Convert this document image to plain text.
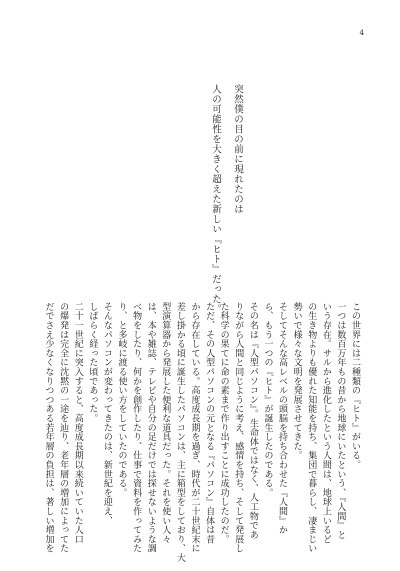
4
突然僕の目の前に現れたのは
人の可能性を大きく超えた新しい『ヒト』だった。
この世界には二種類の『ヒト』がいる。
一つは数百万年もの昔から地球にいたという、『人間』と
いう存在。サルから進化したという人間は、地球上いるど
の生き物よりも優れた知能を持ち、集団で暮らし、凄まじい
勢いで様々な文明を発展させてきた。
そしてそんな高レベルの頭脳を持ち合わせた『人間』か
ら、もう一つの『ヒト』が誕生したのである。
その名は『人型パソコン』。生命体ではなく、人工物であ
りながら人間と同じように考え、感情を持ち、そして発展し
た科学の果てに命の素まで作り出すことに成功したのだ。
ただ、その人型パソコンの元となる『パソコン』自体は昔
から存在している。高度成長期を過ぎ、時代が二十世紀末に
差し掛かる頃に誕生したパソコンは、主に箱型をしており、大
型演算器から発展した便利な道具だった。それを使い人々
は、本や雑誌、テレビや自分の足だけでは探せないような調
べ物をしたり、何かを創作したり、仕事で資料を作ってみた
り、と多岐に渡る使い方をしていたのである。
そんなパソコンが変わってきたのは、新世紀を迎え、
しばらく経った頃であった。
二十一世紀に突入すると、高度成長期以来続いていた人口
の爆発は完全に沈黙の一途を辿り、老年層の増加によってた
だでさえ少なくなりつつある若年層の負担は、著しい増加を
